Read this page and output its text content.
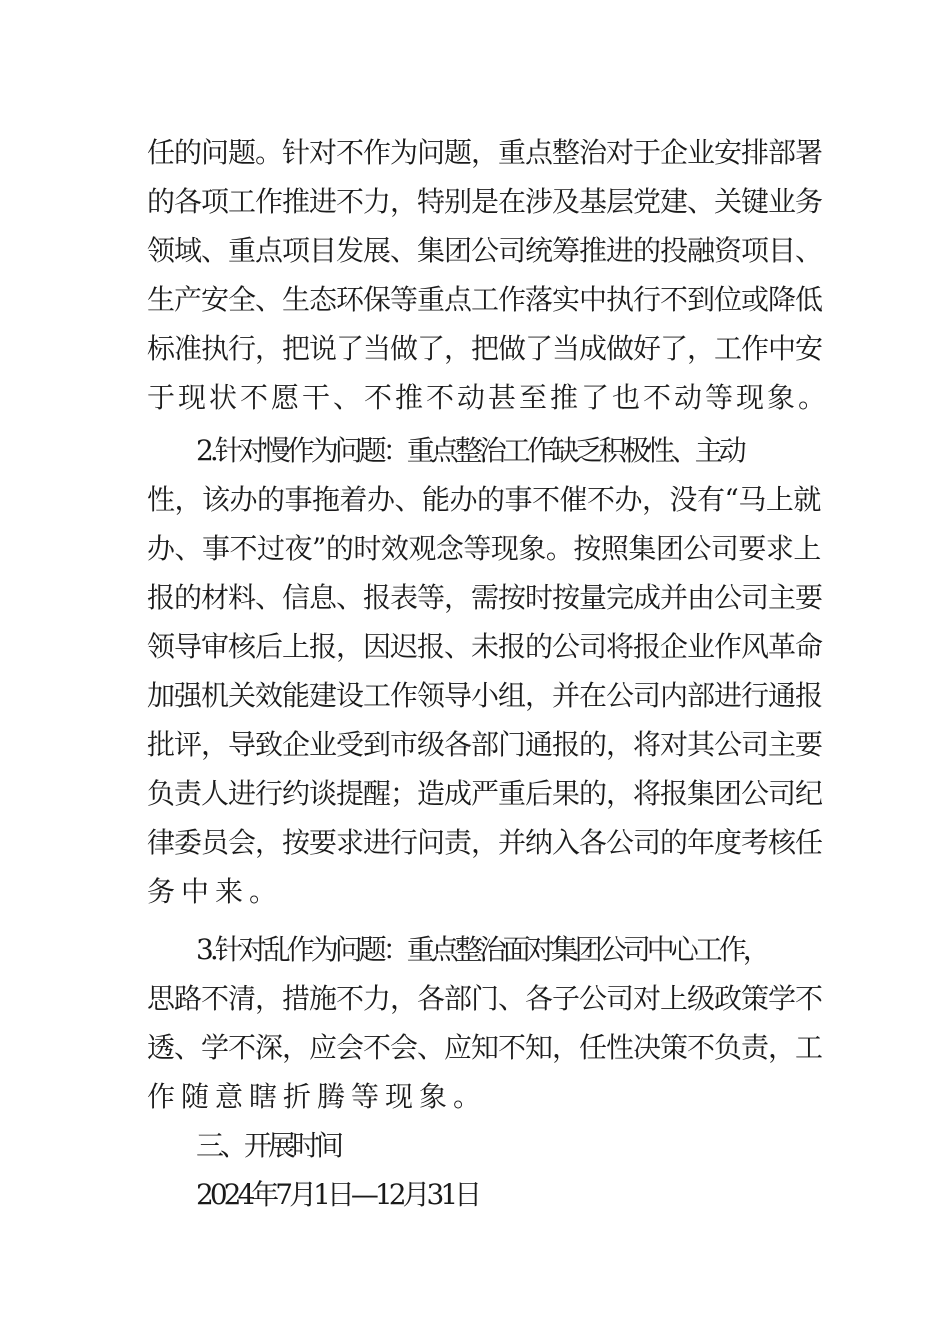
任的问题。针对不作为问题，重点整治对于企业安排部署
的各项工作推进不力，特别是在涉及基层党建、关键业务
领域、重点项目发展、集团公司统筹推进的投融资项目、
生产安全、生态环保等重点工作落实中执行不到位或降低
标准执行，把说了当做了，把做了当成做好了，工作中安
于现状不愿干、不推不动甚至推了也不动等现象。
2.针对慢作为问题：重点整治工作缺乏积极性、主动
性，该办的事拖着办、能办的事不催不办，没有“马上就
办、事不过夜”的时效观念等现象。按照集团公司要求上
报的材料、信息、报表等，需按时按量完成并由公司主要
领导审核后上报，因迟报、未报的公司将报企业作风革命
加强机关效能建设工作领导小组，并在公司内部进行通报
批评，导致企业受到市级各部门通报的，将对其公司主要
负责人进行约谈提醒；造成严重后果的，将报集团公司纪
律委员会，按要求进行问责，并纳入各公司的年度考核任
务中来。
3.针对乱作为问题：重点整治面对集团公司中心工作，
思路不清，措施不力，各部门、各子公司对上级政策学不
透、学不深，应会不会、应知不知，任性决策不负责，工
作随意瞎折腾等现象。
三、开展时间
2024年7月1日—12月31日
